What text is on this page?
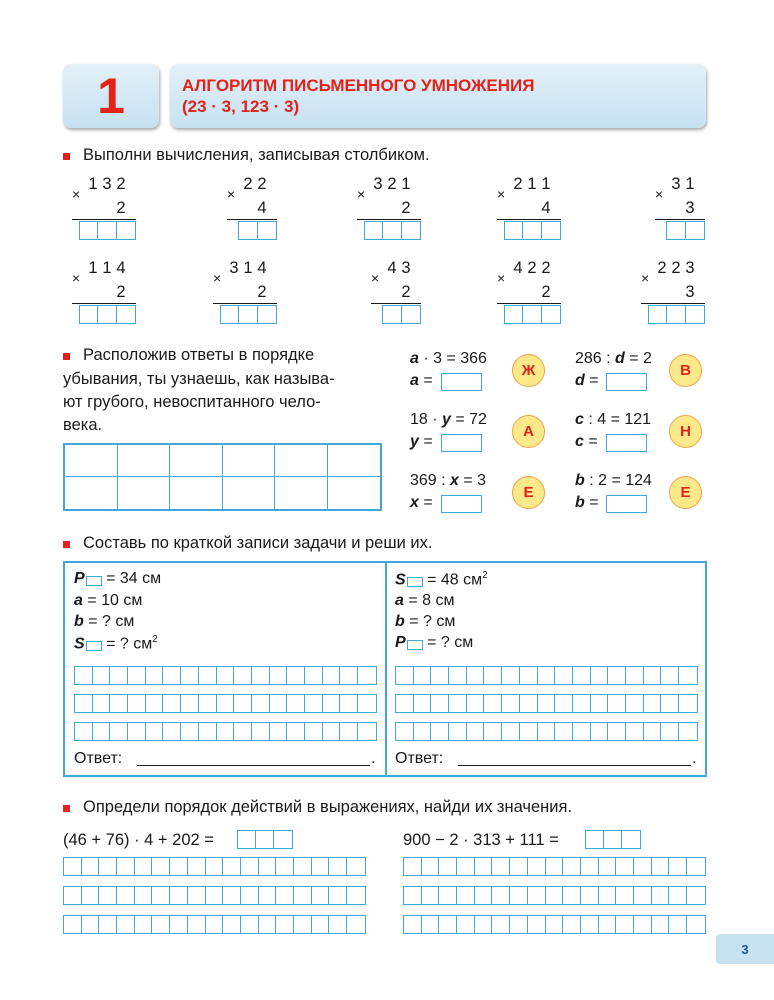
1	АЛГОРИТМ ПИСЬМЕННОГО УМНОЖЕНИЯ
(23 · 3, 123 · 3)
Выполни вычисления, записывая столбиком.
1 3 2
×
2
2 2
×
4
3 2 1
×
2
2 1 1
×
4
3 1
×
3
1 1 4
×
2
3 1 4
×
2
4 3
×
2
4 2 2
×
2
2 2 3
×
3
Расположив ответы в порядке
убывания, ты узнаешь, как называ-
ют грубого, невоспитанного чело-
века.
a · 3 = 366
a =
Ж
286 : d = 2
d =
В
18 · y = 72
y =
А
c : 4 = 121
c =
Н
369 : x = 3
x =
Е
b : 2 = 124
b =
Е
Составь по краткой записи задачи и реши их.
P = 34 см
a = 10 см
b = ? см
S = ? $см^2$
S = 48 $см^2$
a = 8 см
b = ? см
P = ? см
Ответ:	. Ответ:	.
Определи порядок действий в выражениях, найди их значения.
(46 + 76) · 4 + 202 =	900 − 2 · 313 + 111 =
3
